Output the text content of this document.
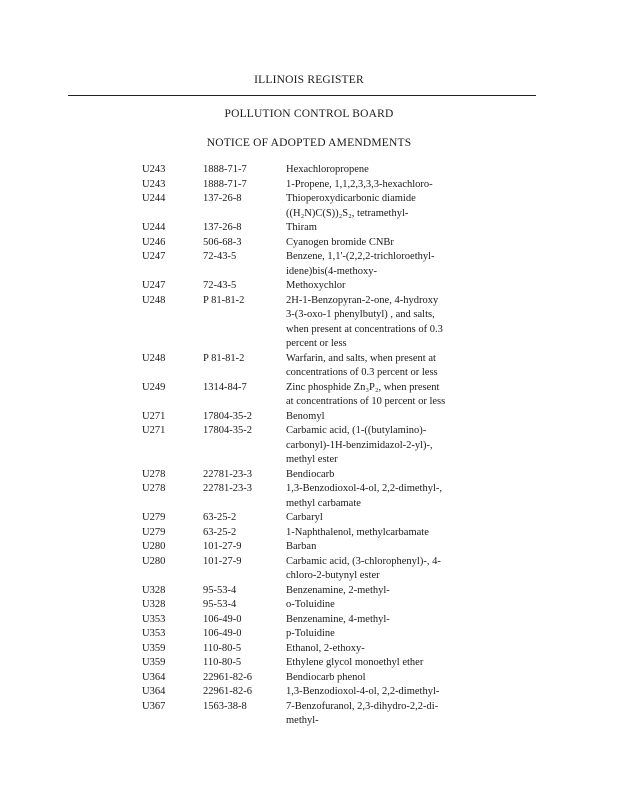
ILLINOIS REGISTER
POLLUTION CONTROL BOARD
NOTICE OF ADOPTED AMENDMENTS
U243	1888-71-7	Hexachloropropene
U243	1888-71-7	1-Propene, 1,1,2,3,3,3-hexachloro-
U244	137-26-8	Thioperoxydicarbonic diamide
((H₂N)C(S))₂S₂, tetramethyl-
U244	137-26-8	Thiram
U246	506-68-3	Cyanogen bromide CNBr
U247	72-43-5	Benzene, 1,1'-(2,2,2-trichloroethyl-
idene)bis(4-methoxy-
U247	72-43-5	Methoxychlor
U248	P 81-81-2	2H-1-Benzopyran-2-one, 4-hydroxy
3-(3-oxo-1 phenylbutyl) , and salts,
when present at concentrations of 0.3
percent or less
U248	P 81-81-2	Warfarin, and salts, when present at
concentrations of 0.3 percent or less
U249	1314-84-7	Zinc phosphide Zn₃P₂, when present
at concentrations of 10 percent or less
U271	17804-35-2	Benomyl
U271	17804-35-2	Carbamic acid, (1-((butylamino)-
carbonyl)-1H-benzimidazol-2-yl)-,
methyl ester
U278	22781-23-3	Bendiocarb
U278	22781-23-3	1,3-Benzodioxol-4-ol, 2,2-dimethyl-,
methyl carbamate
U279	63-25-2	Carbaryl
U279	63-25-2	1-Naphthalenol, methylcarbamate
U280	101-27-9	Barban
U280	101-27-9	Carbamic acid, (3-chlorophenyl)-, 4-
chloro-2-butynyl ester
U328	95-53-4	Benzenamine, 2-methyl-
U328	95-53-4	o-Toluidine
U353	106-49-0	Benzenamine, 4-methyl-
U353	106-49-0	p-Toluidine
U359	110-80-5	Ethanol, 2-ethoxy-
U359	110-80-5	Ethylene glycol monoethyl ether
U364	22961-82-6	Bendiocarb phenol
U364	22961-82-6	1,3-Benzodioxol-4-ol, 2,2-dimethyl-
U367	1563-38-8	7-Benzofuranol, 2,3-dihydro-2,2-di-
methyl-
